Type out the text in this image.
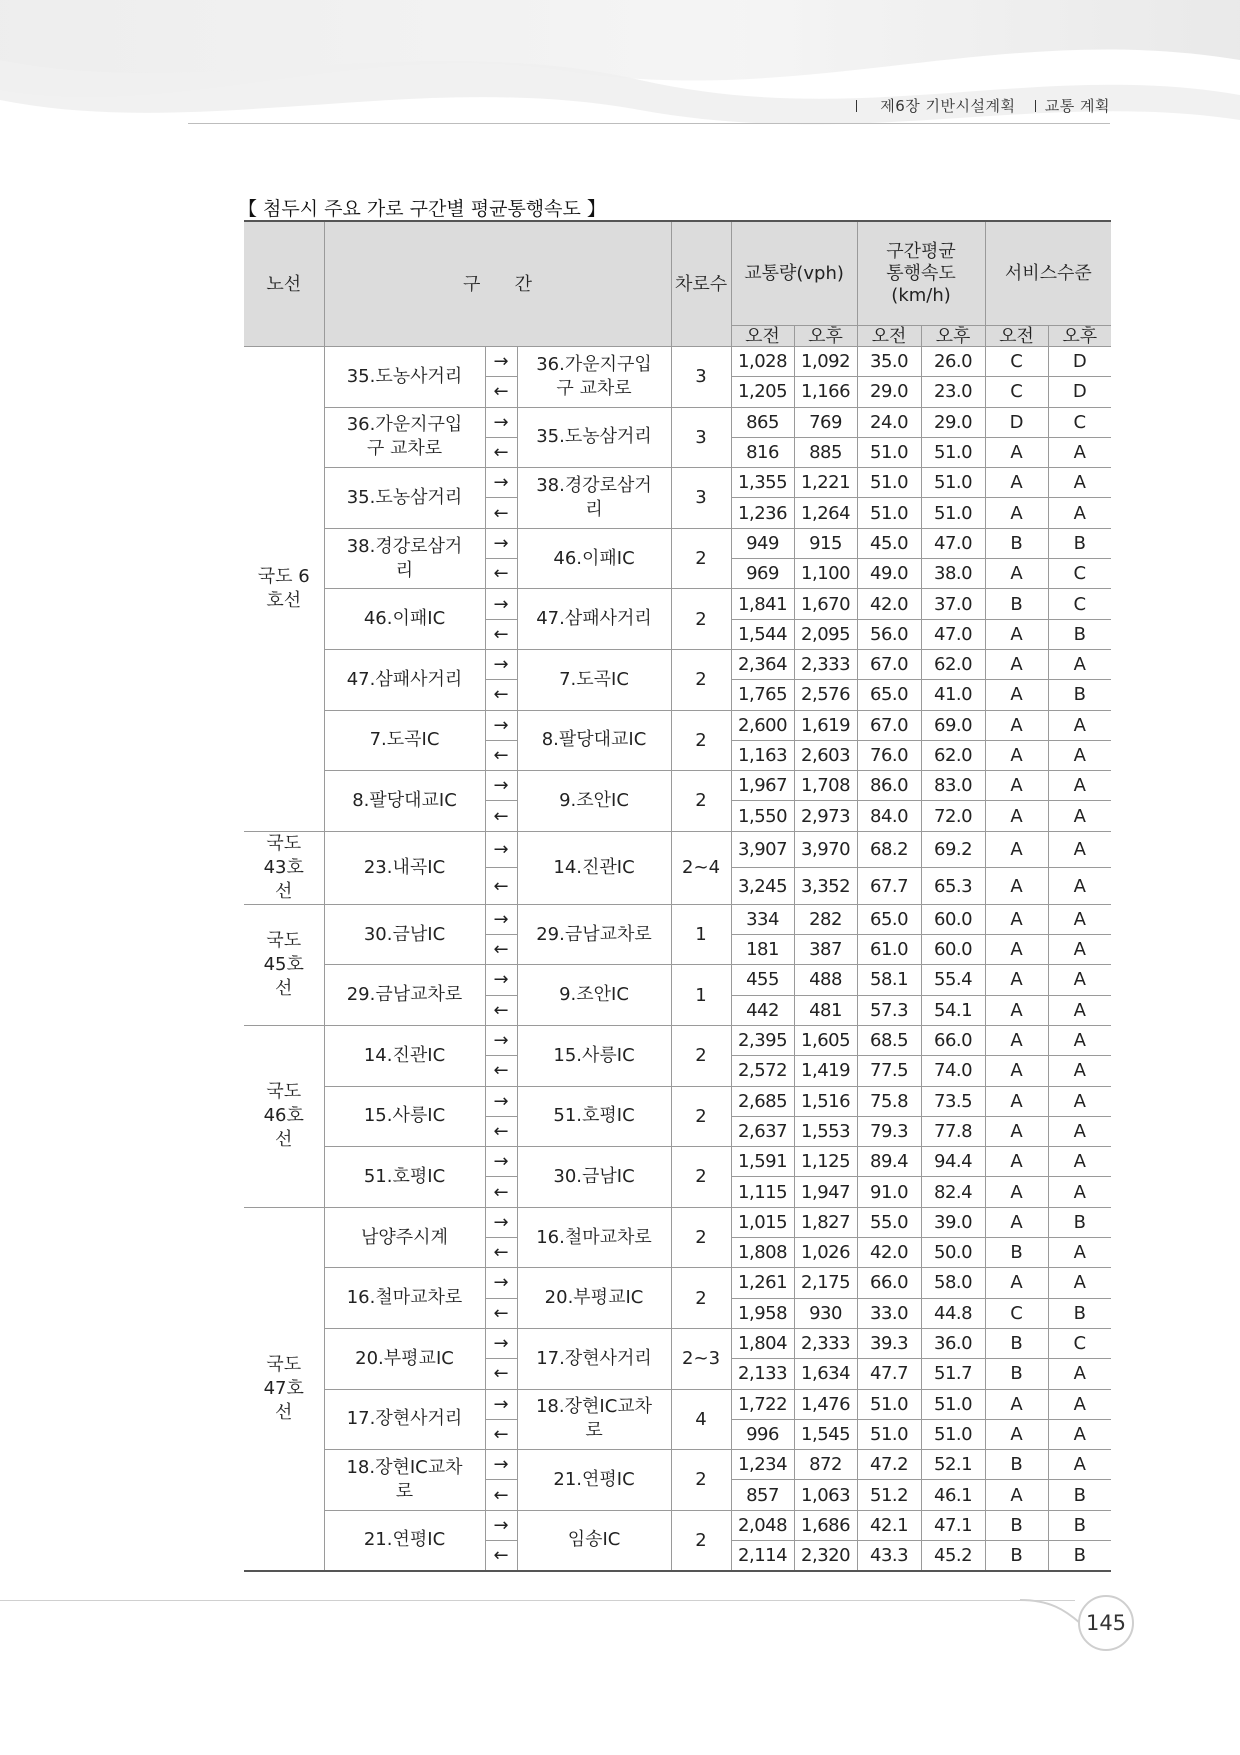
제6장 기반시설계획 교통 계획
【 첨두시 주요 가로 구간별 평균통행속도 】
노선	구      간			차로수	교통량(vph)		구간평균 통행속도 (km/h)		서비스수준	
					오전	오후	오전	오후	오전	오후
국도 6호선	35.도농사거리	→	36.가운지구입구 교차로	3	1,028	1,092	35.0	26.0	C	D
		←			1,205	1,166	29.0	23.0	C	D
	36.가운지구입구 교차로	→	35.도농삼거리	3	865	769	24.0	29.0	D	C
		←			816	885	51.0	51.0	A	A
	35.도농삼거리	→	38.경강로삼거리	3	1,355	1,221	51.0	51.0	A	A
		←			1,236	1,264	51.0	51.0	A	A
	38.경강로삼거리	→	46.이패IC	2	949	915	45.0	47.0	B	B
		←			969	1,100	49.0	38.0	A	C
	46.이패IC	→	47.삼패사거리	2	1,841	1,670	42.0	37.0	B	C
		←			1,544	2,095	56.0	47.0	A	B
	47.삼패사거리	→	7.도곡IC	2	2,364	2,333	67.0	62.0	A	A
		←			1,765	2,576	65.0	41.0	A	B
	7.도곡IC	→	8.팔당대교IC	2	2,600	1,619	67.0	69.0	A	A
		←			1,163	2,603	76.0	62.0	A	A
	8.팔당대교IC	→	9.조안IC	2	1,967	1,708	86.0	83.0	A	A
		←			1,550	2,973	84.0	72.0	A	A
국도 43호선	23.내곡IC	→	14.진관IC	2~4	3,907	3,970	68.2	69.2	A	A
		←			3,245	3,352	67.7	65.3	A	A
국도 45호선	30.금남IC	→	29.금남교차로	1	334	282	65.0	60.0	A	A
		←			181	387	61.0	60.0	A	A
	29.금남교차로	→	9.조안IC	1	455	488	58.1	55.4	A	A
		←			442	481	57.3	54.1	A	A
국도 46호선	14.진관IC	→	15.사릉IC	2	2,395	1,605	68.5	66.0	A	A
		←			2,572	1,419	77.5	74.0	A	A
	15.사릉IC	→	51.호평IC	2	2,685	1,516	75.8	73.5	A	A
		←			2,637	1,553	79.3	77.8	A	A
	51.호평IC	→	30.금남IC	2	1,591	1,125	89.4	94.4	A	A
		←			1,115	1,947	91.0	82.4	A	A
국도 47호선	남양주시계	→	16.철마교차로	2	1,015	1,827	55.0	39.0	A	B
		←			1,808	1,026	42.0	50.0	B	A
	16.철마교차로	→	20.부평교IC	2	1,261	2,175	66.0	58.0	A	A
		←			1,958	930	33.0	44.8	C	B
	20.부평교IC	→	17.장현사거리	2~3	1,804	2,333	39.3	36.0	B	C
		←			2,133	1,634	47.7	51.7	B	A
	17.장현사거리	→	18.장현IC교차로	4	1,722	1,476	51.0	51.0	A	A
		←			996	1,545	51.0	51.0	A	A
	18.장현IC교차로	→	21.연평IC	2	1,234	872	47.2	52.1	B	A
		←			857	1,063	51.2	46.1	A	B
	21.연평IC	→	임송IC	2	2,048	1,686	42.1	47.1	B	B
		←			2,114	2,320	43.3	45.2	B	B
145
